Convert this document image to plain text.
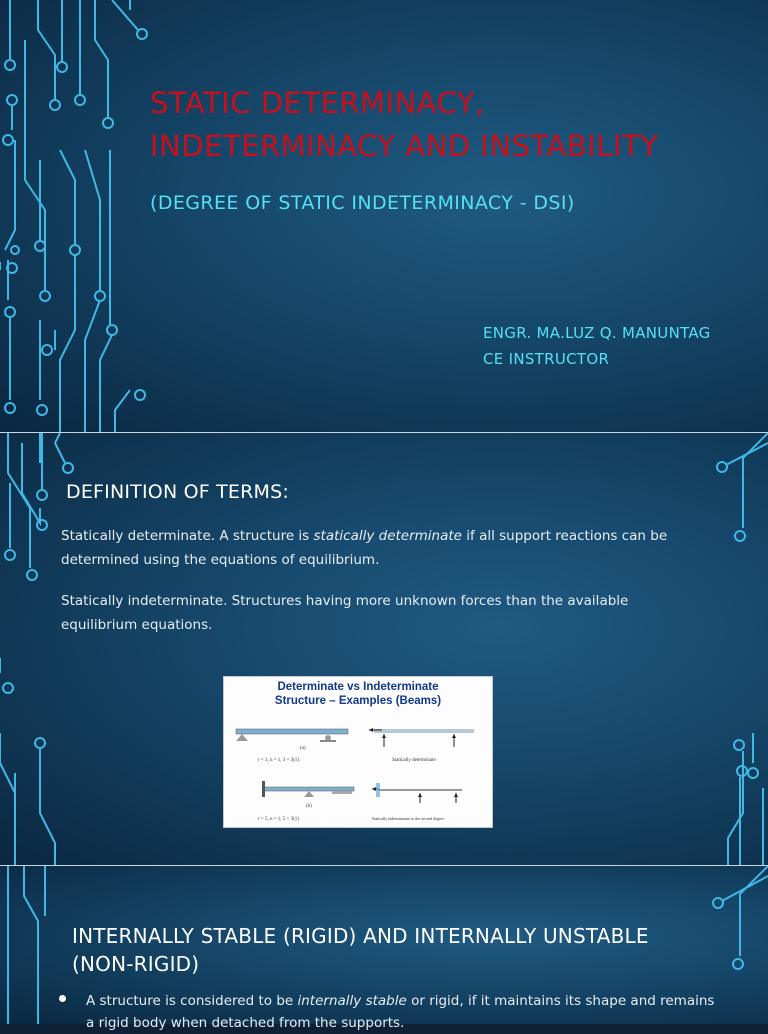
STATIC DETERMINACY,
INDETERMINACY AND INSTABILITY

(DEGREE OF STATIC INDETERMINACY - DSI)

ENGR. MA.LUZ Q. MANUNTAG
CE INSTRUCTOR
DEFINITION OF TERMS:

Statically determinate. A structure is statically determinate if all support reactions can be determined using the equations of equilibrium.

Statically indeterminate. Structures having more unknown forces than the available equilibrium equations.

Determinate vs Indeterminate
Structure – Examples (Beams)
(a)
r = 3, n = 1, 3 = 3(1)	Statically determinate
(b)
r = 5, n = 1, 5 > 3(1)	Statically indeterminate to the second degree
INTERNALLY STABLE (RIGID) AND INTERNALLY UNSTABLE (NON-RIGID)

A structure is considered to be internally stable or rigid, if it maintains its shape and remains a rigid body when detached from the supports.
